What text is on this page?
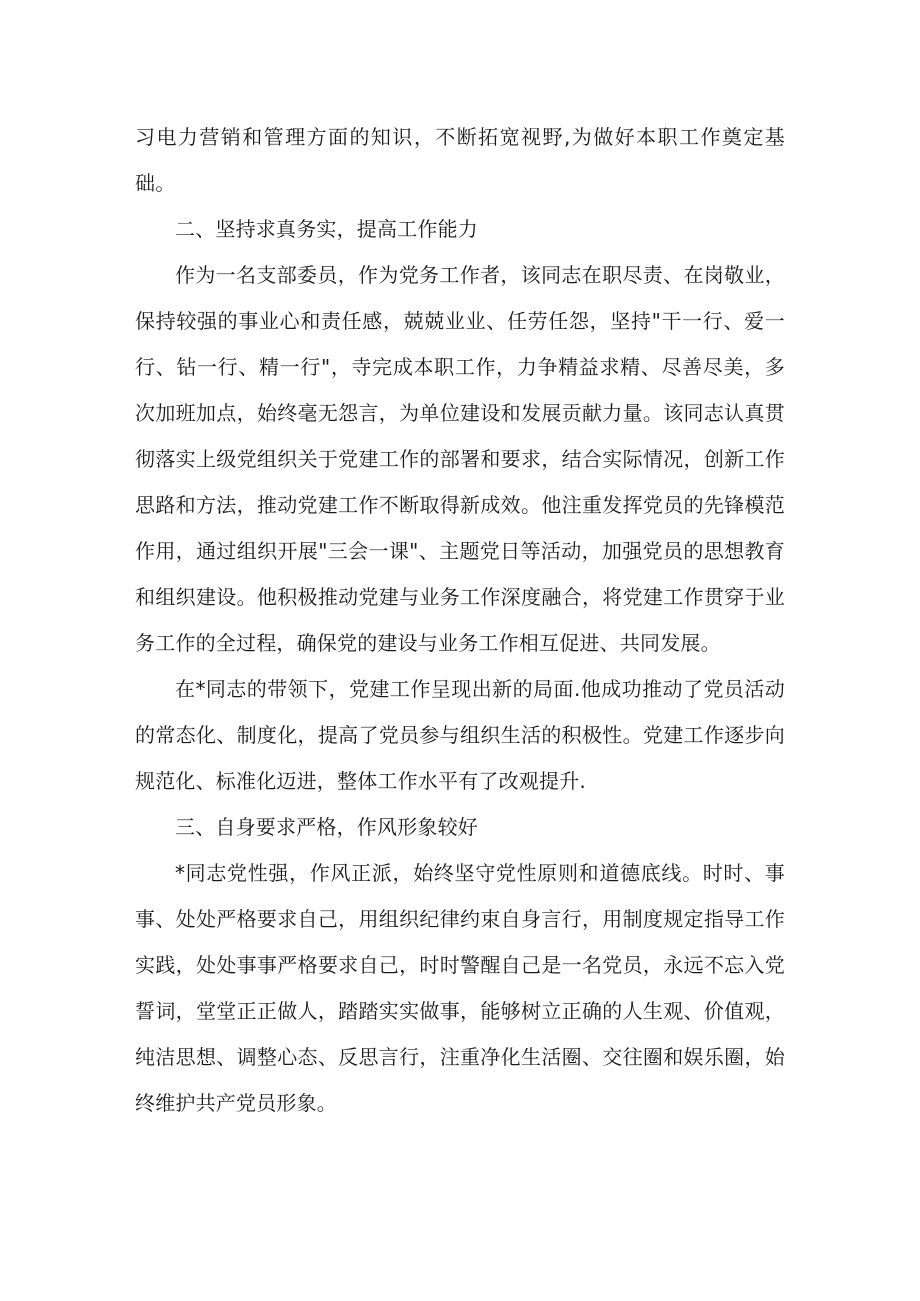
习电力营销和管理方面的知识，不断拓宽视野,为做好本职工作奠定基础。

二、坚持求真务实，提高工作能力

作为一名支部委员，作为党务工作者，该同志在职尽责、在岗敬业，保持较强的事业心和责任感，兢兢业业、任劳任怨，坚持"干一行、爱一行、钻一行、精一行"，寺完成本职工作，力争精益求精、尽善尽美，多次加班加点，始终毫无怨言，为单位建设和发展贡献力量。该同志认真贯彻落实上级党组织关于党建工作的部署和要求，结合实际情况，创新工作思路和方法，推动党建工作不断取得新成效。他注重发挥党员的先锋模范作用，通过组织开展"三会一课"、主题党日等活动，加强党员的思想教育和组织建设。他积极推动党建与业务工作深度融合，将党建工作贯穿于业务工作的全过程，确保党的建设与业务工作相互促进、共同发展。

在*同志的带领下，党建工作呈现出新的局面.他成功推动了党员活动的常态化、制度化，提高了党员参与组织生活的积极性。党建工作逐步向规范化、标准化迈进，整体工作水平有了改观提升.

三、自身要求严格，作风形象较好

*同志党性强，作风正派，始终坚守党性原则和道德底线。时时、事事、处处严格要求自己，用组织纪律约束自身言行，用制度规定指导工作实践，处处事事严格要求自己，时时警醒自己是一名党员，永远不忘入党誓词，堂堂正正做人，踏踏实实做事，能够树立正确的人生观、价值观，纯洁思想、调整心态、反思言行，注重净化生活圈、交往圈和娱乐圈，始终维护共产党员形象。
